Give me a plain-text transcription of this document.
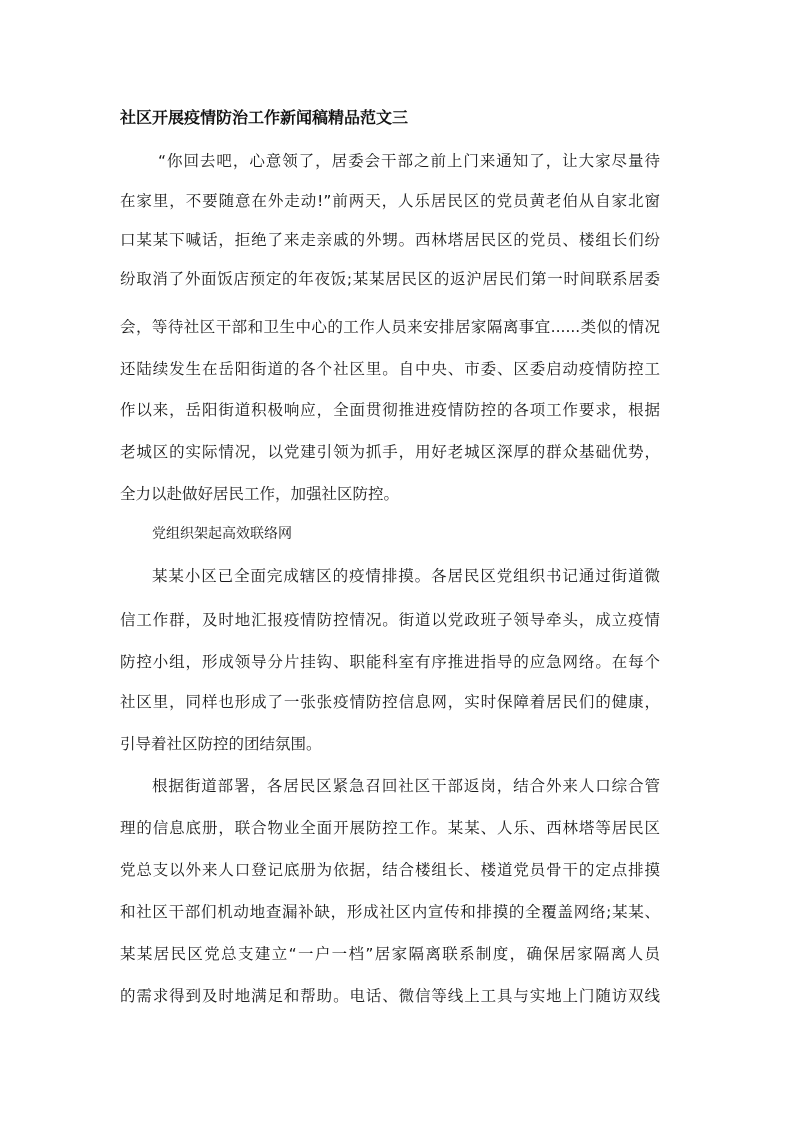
社区开展疫情防治工作新闻稿精品范文三
“你回去吧，心意领了，居委会干部之前上门来通知了，让大家尽量待
在家里，不要随意在外走动!”前两天，人乐居民区的党员黄老伯从自家北窗
口某某下喊话，拒绝了来走亲戚的外甥。西林塔居民区的党员、楼组长们纷
纷取消了外面饭店预定的年夜饭;某某居民区的返沪居民们第一时间联系居委
会，等待社区干部和卫生中心的工作人员来安排居家隔离事宜......类似的情况
还陆续发生在岳阳街道的各个社区里。自中央、市委、区委启动疫情防控工
作以来，岳阳街道积极响应，全面贯彻推进疫情防控的各项工作要求，根据
老城区的实际情况，以党建引领为抓手，用好老城区深厚的群众基础优势，
全力以赴做好居民工作，加强社区防控。
党组织架起高效联络网
某某小区已全面完成辖区的疫情排摸。各居民区党组织书记通过街道微
信工作群，及时地汇报疫情防控情况。街道以党政班子领导牵头，成立疫情
防控小组，形成领导分片挂钩、职能科室有序推进指导的应急网络。在每个
社区里，同样也形成了一张张疫情防控信息网，实时保障着居民们的健康，
引导着社区防控的团结氛围。
根据街道部署，各居民区紧急召回社区干部返岗，结合外来人口综合管
理的信息底册，联合物业全面开展防控工作。某某、人乐、西林塔等居民区
党总支以外来人口登记底册为依据，结合楼组长、楼道党员骨干的定点排摸
和社区干部们机动地查漏补缺，形成社区内宣传和排摸的全覆盖网络;某某、
某某居民区党总支建立“一户一档”居家隔离联系制度，确保居家隔离人员
的需求得到及时地满足和帮助。电话、微信等线上工具与实地上门随访双线
